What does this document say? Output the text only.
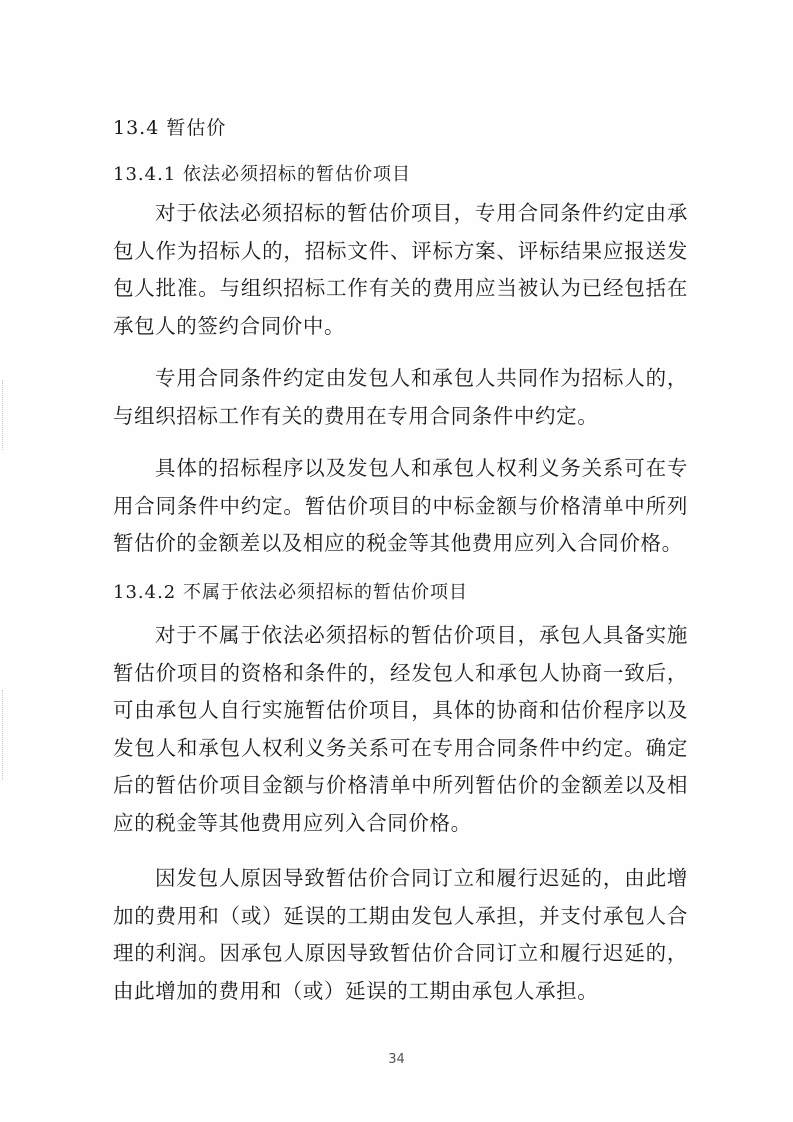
13.4 暂估价
13.4.1 依法必须招标的暂估价项目

对于依法必须招标的暂估价项目，专用合同条件约定由承包人作为招标人的，招标文件、评标方案、评标结果应报送发包人批准。与组织招标工作有关的费用应当被认为已经包括在承包人的签约合同价中。

专用合同条件约定由发包人和承包人共同作为招标人的，与组织招标工作有关的费用在专用合同条件中约定。

具体的招标程序以及发包人和承包人权利义务关系可在专用合同条件中约定。暂估价项目的中标金额与价格清单中所列暂估价的金额差以及相应的税金等其他费用应列入合同价格。

13.4.2 不属于依法必须招标的暂估价项目

对于不属于依法必须招标的暂估价项目，承包人具备实施暂估价项目的资格和条件的，经发包人和承包人协商一致后，可由承包人自行实施暂估价项目，具体的协商和估价程序以及发包人和承包人权利义务关系可在专用合同条件中约定。确定后的暂估价项目金额与价格清单中所列暂估价的金额差以及相应的税金等其他费用应列入合同价格。

因发包人原因导致暂估价合同订立和履行迟延的，由此增加的费用和（或）延误的工期由发包人承担，并支付承包人合理的利润。因承包人原因导致暂估价合同订立和履行迟延的，由此增加的费用和（或）延误的工期由承包人承担。

34
